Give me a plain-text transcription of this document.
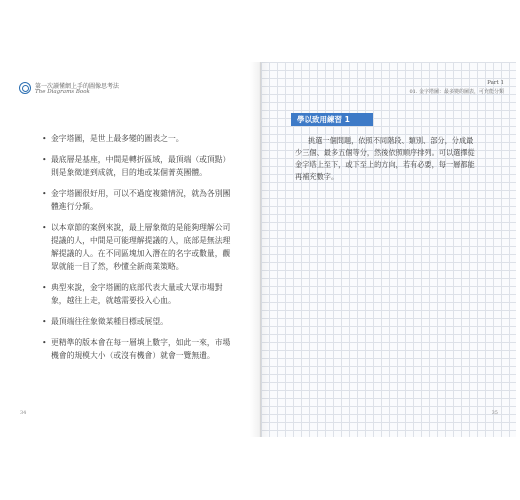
第一次讀懂網上手的圖像思考法
The Diagrams Book
• 金字塔圖，是世上最多變的圖表之一。
• 最底層是基座，中間是轉折區域，最頂端（或頂點）則是象徵達到成就，目的地或某個菁英團體。
• 金字塔圖很好用，可以不過度複雜情況，就為各別團體進行分類。
• 以本章節的案例來說，最上層象徵的是能夠理解公司提議的人，中間是可能理解提議的人，底部是無法理解提議的人。在不同區塊加入潛在的名字或數量，觀眾就能一目了然，秒懂全新商業策略。
• 典型來說，金字塔圖的底部代表大量或大眾市場對象，越往上走，就越需要投入心血。
• 最頂端往往象徵某種目標或展望。
• 更精準的版本會在每一層填上數字，如此一來，市場機會的規模大小（或沒有機會）就會一覽無遺。
34
Part 1
01. 金字塔圖：最多變的圖表，可充能分類
學以致用練習 1

挑選一個問題，依照不同階段、類別、部分，分成最少三個、最多五個等分，然後依照順序排列。可以選擇從金字塔上至下，或下至上的方向，若有必要，每一層都能再補充數字。

35
